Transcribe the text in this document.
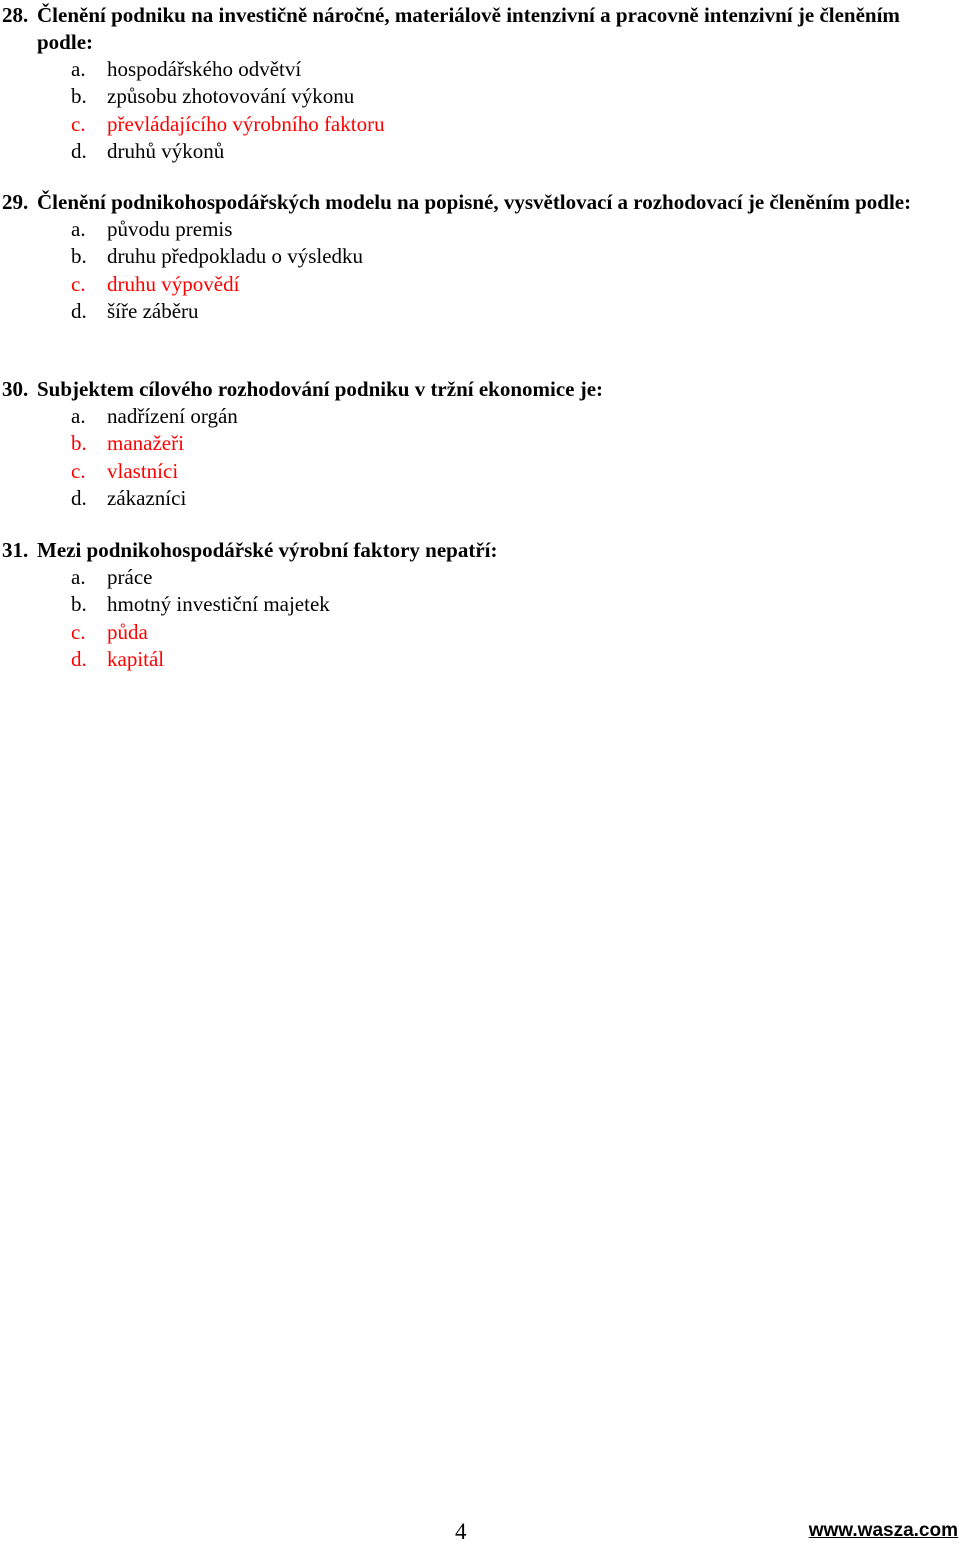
28. Členění podniku na investičně náročné, materiálově intenzivní a pracovně intenzivní je členěním podle:
a. hospodářského odvětví
b. způsobu zhotovování výkonu
c. převládajícího výrobního faktoru
d. druhů výkonů
29. Členění podnikohospodářských modelu na popisné, vysvětlovací a rozhodovací je členěním podle:
a. původu premis
b. druhu předpokladu o výsledku
c. druhu výpovědí
d. šíře záběru
30. Subjektem cílového rozhodování podniku v tržní ekonomice je:
a. nadřízení orgán
b. manažeři
c. vlastníci
d. zákazníci
31. Mezi podnikohospodářské výrobní faktory nepatří:
a. práce
b. hmotný investiční majetek
c. půda
d. kapitál
4	www.wasza.com
